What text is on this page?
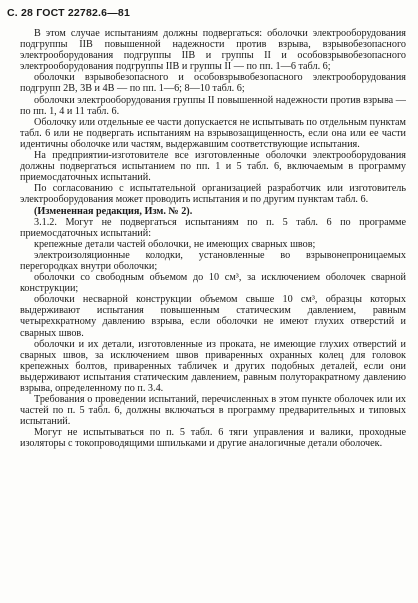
С. 28 ГОСТ 22782.6—81

В этом случае испытаниям должны подвергаться: оболочки электрооборудования подгруппы IIВ повышенной надежности против взрыва, взрывобезопасного электрооборудования подгруппы IIВ и группы II и особовзрывобезопасного электрооборудования подгруппы IIВ и группы II — по пп. 1—6 табл. 6;

оболочки взрывобезопасного и особовзрывобезопасного электрооборудования подгрупп 2В, 3В и 4В — по пп. 1—6; 8—10 табл. 6;

оболочки электрооборудования группы II повышенной надежности против взрыва — по пп. 1, 4 и 11 табл. 6.

Оболочку или отдельные ее части допускается не испытывать по отдельным пунктам табл. 6 или не подвергать испытаниям на взрывозащищенность, если она или ее части идентичны оболочке или частям, выдержавшим соответствующие испытания.

На предприятии-изготовителе все изготовленные оболочки электрооборудования должны подвергаться испытанием по пп. 1 и 5 табл. 6, включаемым в программу приемосдаточных испытаний.

По согласованию с испытательной организацией разработчик или изготовитель электрооборудования может проводить испытания и по другим пунктам табл. 6.

(Измененная редакция, Изм. № 2).

3.1.2. Могут не подвергаться испытаниям по п. 5 табл. 6 по программе приемосдаточных испытаний:

крепежные детали частей оболочки, не имеющих сварных швов;

электроизоляционные колодки, установленные во взрывонепроницаемых перегородках внутри оболочки;

оболочки со свободным объемом до 10 см³, за исключением оболочек сварной конструкции;

оболочки несварной конструкции объемом свыше 10 см³, образцы которых выдерживают испытания повышенным статическим давлением, равным четырехкратному давлению взрыва, если оболочки не имеют глухих отверстий и сварных швов.

оболочки и их детали, изготовленные из проката, не имеющие глухих отверстий и сварных швов, за исключением швов приваренных охранных колец для головок крепежных болтов, приваренных табличек и других подобных деталей, если они выдерживают испытания статическим давлением, равным полуторакратному давлению взрыва, определенному по п. 3.4.

Требования о проведении испытаний, перечисленных в этом пункте оболочек или их частей по п. 5 табл. 6, должны включаться в программу предварительных и типовых испытаний.

Могут не испытываться по п. 5 табл. 6 тяги управления и валики, проходные изоляторы с токопроводящими шпильками и другие аналогичные детали оболочек.
